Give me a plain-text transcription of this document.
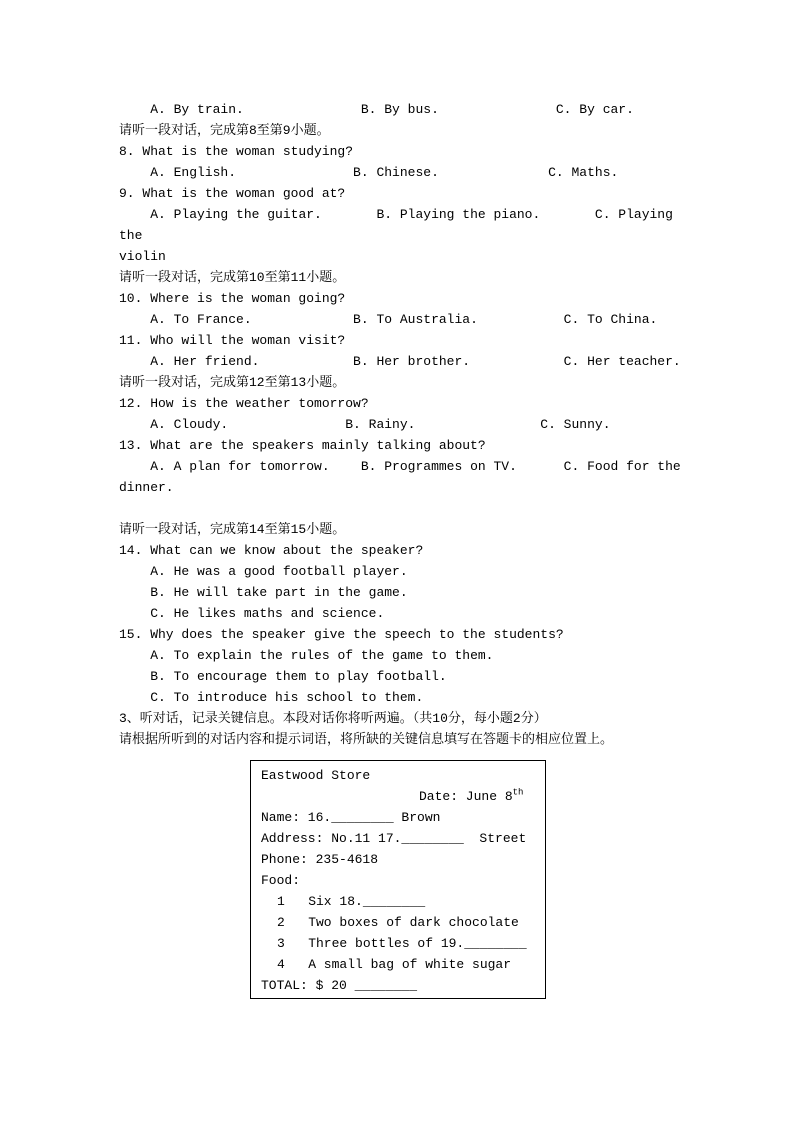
A. By train.               B. By bus.               C. By car.
请听一段对话，完成第8至第9小题。
8. What is the woman studying?
A. English.               B. Chinese.              C. Maths.
9. What is the woman good at?
A. Playing the guitar.       B. Playing the piano.       C. Playing the
violin
请听一段对话，完成第10至第11小题。
10. Where is the woman going?
A. To France.             B. To Australia.           C. To China.
11. Who will the woman visit?
A. Her friend.            B. Her brother.            C. Her teacher.
请听一段对话，完成第12至第13小题。
12. How is the weather tomorrow?
A. Cloudy.               B. Rainy.                C. Sunny.
13. What are the speakers mainly talking about?
A. A plan for tomorrow.    B. Programmes on TV.      C. Food for the dinner.
请听一段对话，完成第14至第15小题。
14. What can we know about the speaker?
A. He was a good football player.
B. He will take part in the game.
C. He likes maths and science.
15. Why does the speaker give the speech to the students?
A. To explain the rules of the game to them.
B. To encourage them to play football.
C. To introduce his school to them.
3、听对话，记录关键信息。本段对话你将听两遍。（共10分，每小题2分）
请根据所听到的对话内容和提示词语，将所缺的关键信息填写在答题卡的相应位置上。
Eastwood Store
Date: June 8th
Name: 16.________ Brown
Address: No.11 17.________  Street
Phone: 235-4618
Food:
1   Six 18.________
2   Two boxes of dark chocolate
3   Three bottles of 19.________
4   A small bag of white sugar
TOTAL: $ 20 ________
